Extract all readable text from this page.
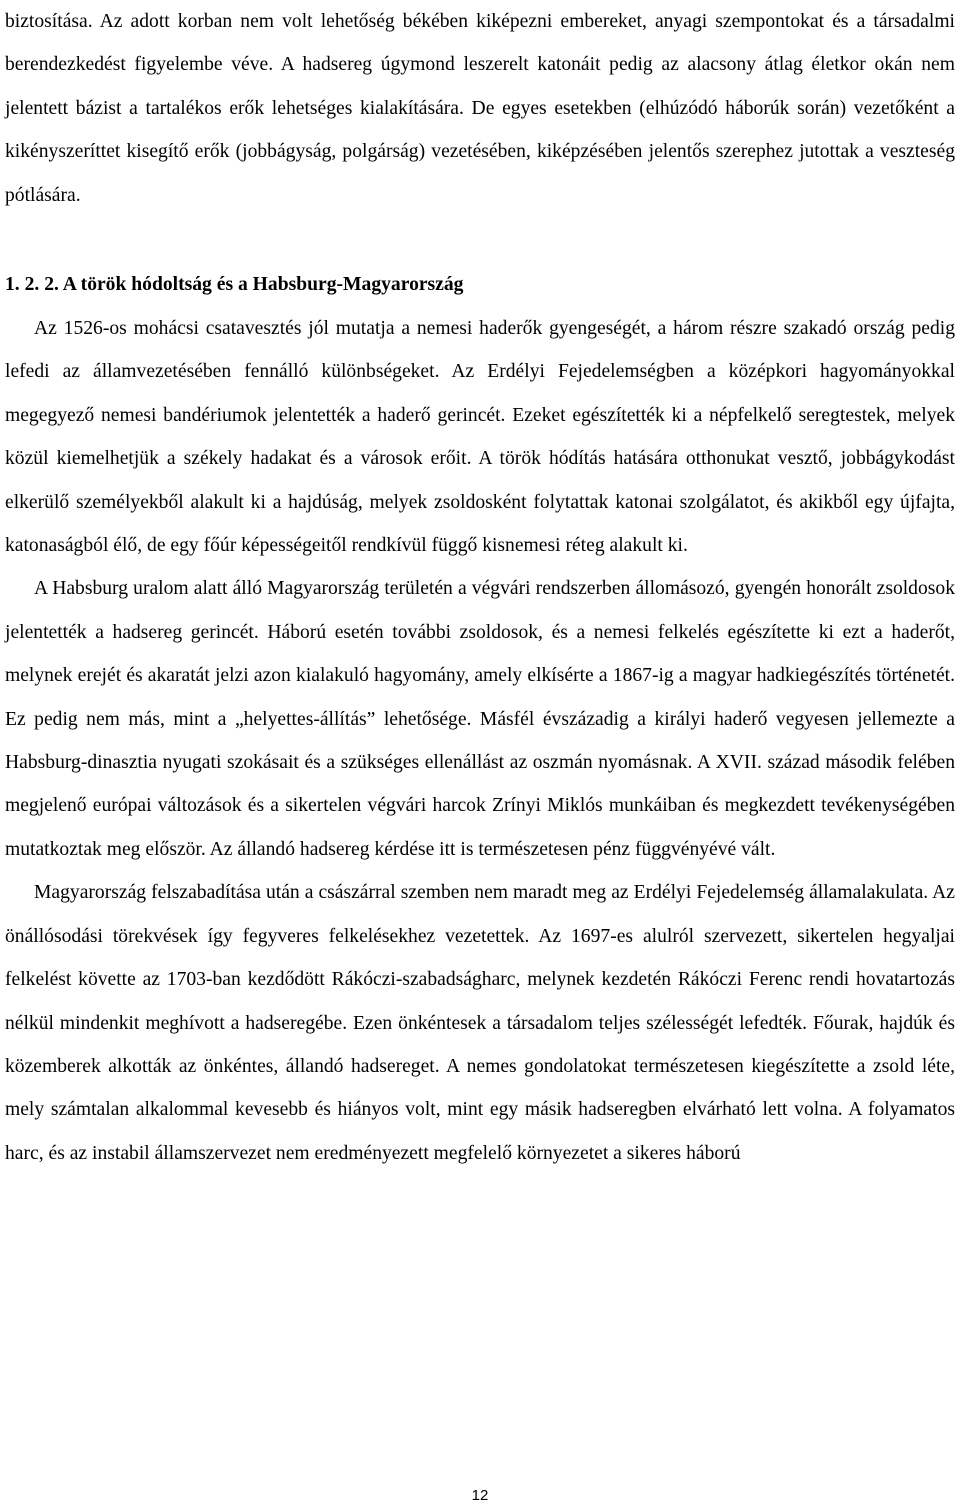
biztosítása. Az adott korban nem volt lehetőség békében kiképezni embereket, anyagi szempontokat és a társadalmi berendezkedést figyelembe véve. A hadsereg úgymond leszerelt katonáit pedig az alacsony átlag életkor okán nem jelentett bázist a tartalékos erők lehetséges kialakítására. De egyes esetekben (elhúzódó háborúk során) vezetőként a kikényszeríttet kisegítő erők (jobbágyság, polgárság) vezetésében, kiképzésében jelentős szerephez jutottak a veszteség pótlására.

1. 2. 2. A török hódoltság és a Habsburg-Magyarország

Az 1526-os mohácsi csatavesztés jól mutatja a nemesi haderők gyengeségét, a három részre szakadó ország pedig lefedi az államvezetésében fennálló különbségeket. Az Erdélyi Fejedelemségben a középkori hagyományokkal megegyező nemesi bandériumok jelentették a haderő gerincét. Ezeket egészítették ki a népfelkelő seregtestek, melyek közül kiemelhetjük a székely hadakat és a városok erőit. A török hódítás hatására otthonukat vesztő, jobbágykodást elkerülő személyekből alakult ki a hajdúság, melyek zsoldosként folytattak katonai szolgálatot, és akikből egy újfajta, katonaságból élő, de egy főúr képességeitől rendkívül függő kisnemesi réteg alakult ki.

A Habsburg uralom alatt álló Magyarország területén a végvári rendszerben állomásozó, gyengén honorált zsoldosok jelentették a hadsereg gerincét. Háború esetén további zsoldosok, és a nemesi felkelés egészítette ki ezt a haderőt, melynek erejét és akaratát jelzi azon kialakuló hagyomány, amely elkísérte a 1867-ig a magyar hadkiegészítés történetét. Ez pedig nem más, mint a „helyettes-állítás” lehetősége. Másfél évszázadig a királyi haderő vegyesen jellemezte a Habsburg-dinasztia nyugati szokásait és a szükséges ellenállást az oszmán nyomásnak. A XVII. század második felében megjelenő európai változások és a sikertelen végvári harcok Zrínyi Miklós munkáiban és megkezdett tevékenységében mutatkoztak meg először. Az állandó hadsereg kérdése itt is természetesen pénz függvényévé vált.

Magyarország felszabadítása után a császárral szemben nem maradt meg az Erdélyi Fejedelemség államalakulata. Az önállósodási törekvések így fegyveres felkelésekhez vezetettek. Az 1697-es alulról szervezett, sikertelen hegyaljai felkelést követte az 1703-ban kezdődött Rákóczi-szabadságharc, melynek kezdetén Rákóczi Ferenc rendi hovatartozás nélkül mindenkit meghívott a hadseregébe. Ezen önkéntesek a társadalom teljes szélességét lefedték. Főurak, hajdúk és közemberek alkották az önkéntes, állandó hadsereget. A nemes gondolatokat természetesen kiegészítette a zsold léte, mely számtalan alkalommal kevesebb és hiányos volt, mint egy másik hadseregben elvárható lett volna. A folyamatos harc, és az instabil államszervezet nem eredményezett megfelelő környezetet a sikeres háború

12
